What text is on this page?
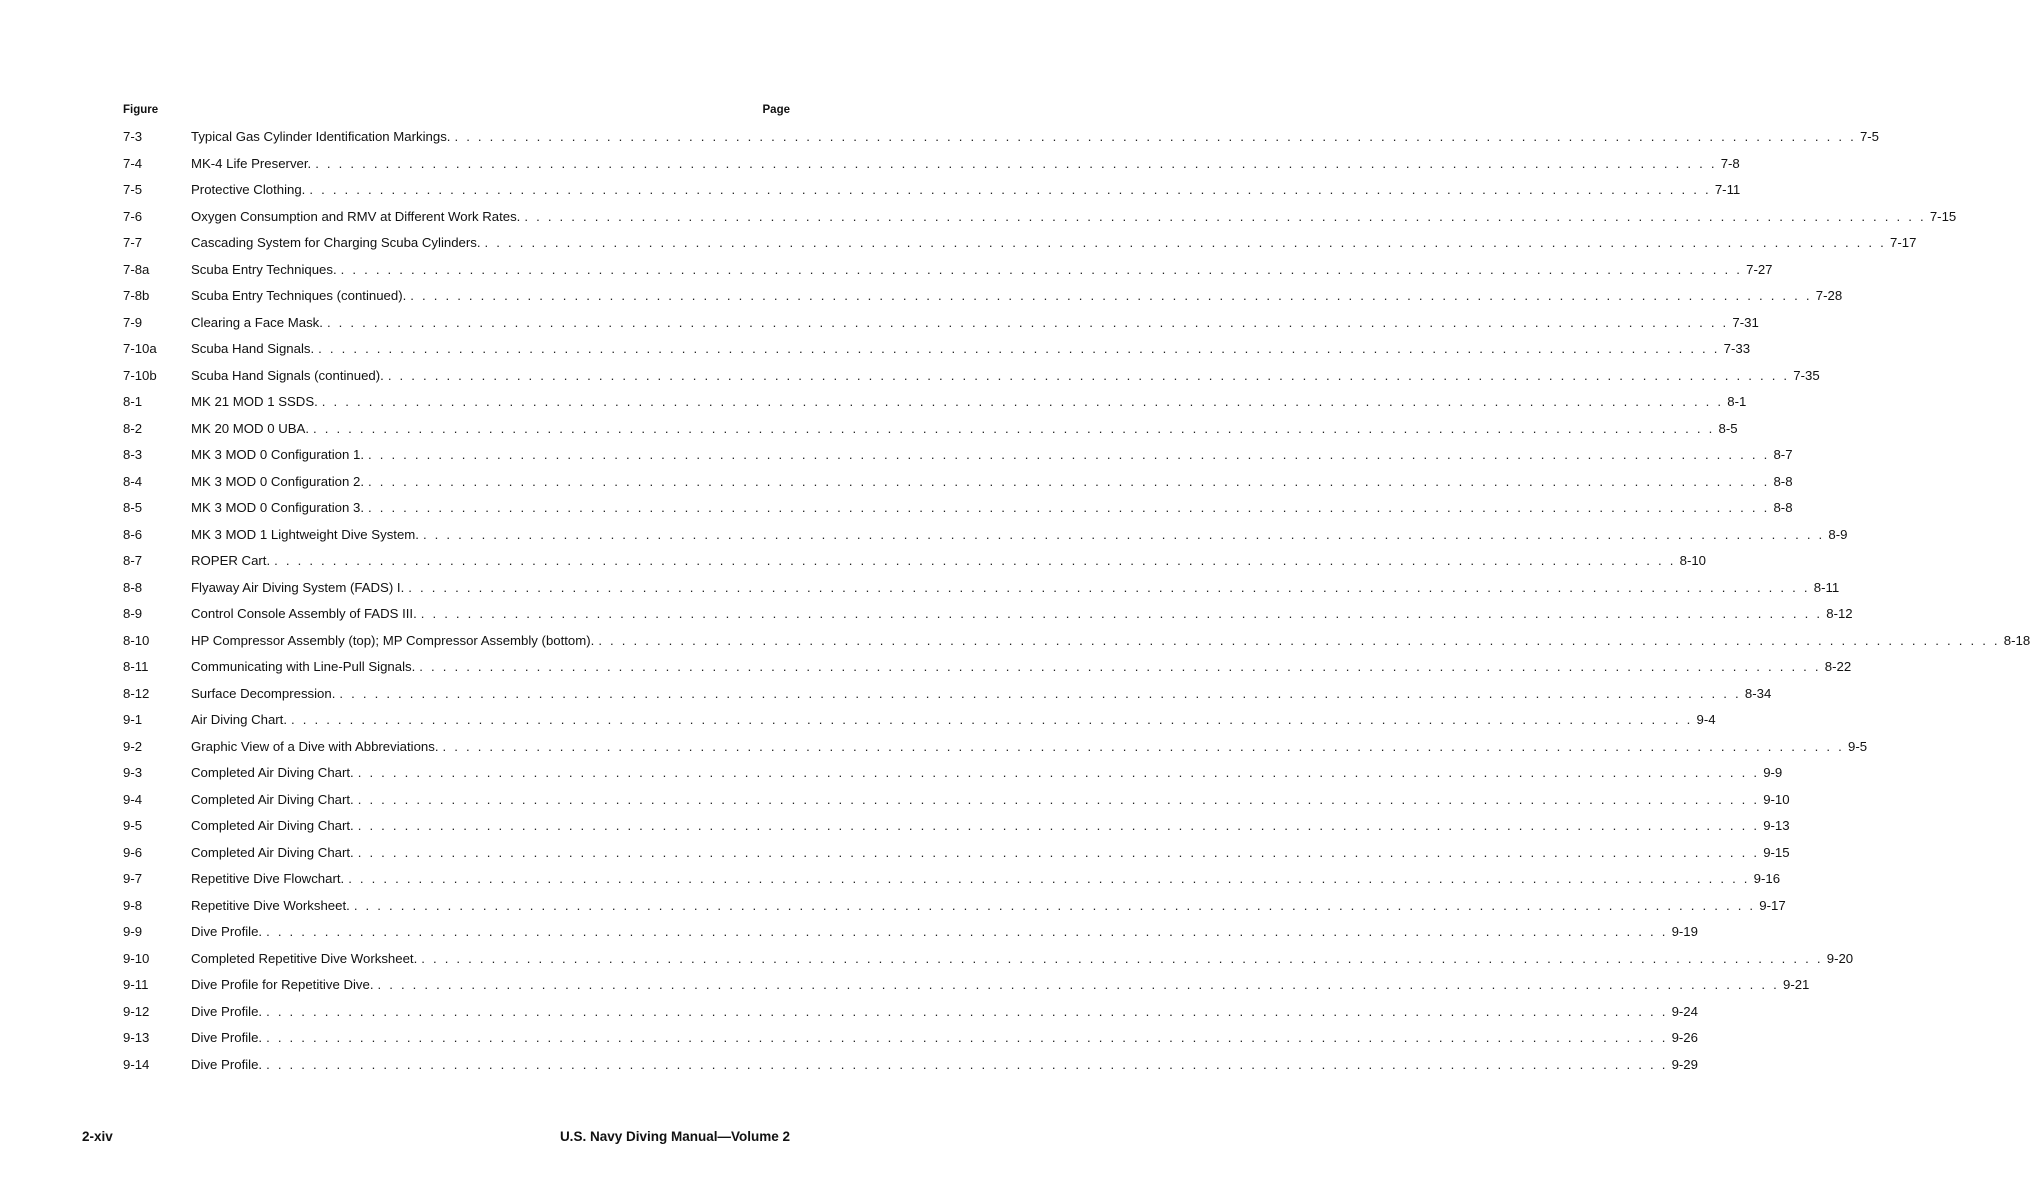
Figure	Page
7-3	Typical Gas Cylinder Identification Markings. . . . . . . . . . . . . . . . . . . . . . . . . . . . . . . . . . . . . . . . . . . . . . . . . . . . . . . . . . . . . . . . . . . . . . . . . . . . . . . . . . . . . . . . . . . . . . . . . . . . . . . . . . . . . . . . . . . . . . . . . 7-5
7-4	MK-4 Life Preserver. . . . . . . . . . . . . . . . . . . . . . . . . . . . . . . . . . . . . . . . . . . . . . . . . . . . . . . . . . . . . . . . . . . . . . . . . . . . . . . . . . . . . . . . . . . . . . . . . . . . . . . . . . . . . . . . . . . . . . . . . 7-8
7-5	Protective Clothing. . . . . . . . . . . . . . . . . . . . . . . . . . . . . . . . . . . . . . . . . . . . . . . . . . . . . . . . . . . . . . . . . . . . . . . . . . . . . . . . . . . . . . . . . . . . . . . . . . . . . . . . . . . . . . . . . . . . . . . . . 7-11
7-6	Oxygen Consumption and RMV at Different Work Rates. . . . . . . . . . . . . . . . . . . . . . . . . . . . . . . . . . . . . . . . . . . . . . . . . . . . . . . . . . . . . . . . . . . . . . . . . . . . . . . . . . . . . . . . . . . . . . . . . . . . . . . . . . . . . . . . . . . . . . . . . 7-15
7-7	Cascading System for Charging Scuba Cylinders. . . . . . . . . . . . . . . . . . . . . . . . . . . . . . . . . . . . . . . . . . . . . . . . . . . . . . . . . . . . . . . . . . . . . . . . . . . . . . . . . . . . . . . . . . . . . . . . . . . . . . . . . . . . . . . . . . . . . . . . . 7-17
7-8a	Scuba Entry Techniques. . . . . . . . . . . . . . . . . . . . . . . . . . . . . . . . . . . . . . . . . . . . . . . . . . . . . . . . . . . . . . . . . . . . . . . . . . . . . . . . . . . . . . . . . . . . . . . . . . . . . . . . . . . . . . . . . . . . . . . . . 7-27
7-8b	Scuba Entry Techniques (continued). . . . . . . . . . . . . . . . . . . . . . . . . . . . . . . . . . . . . . . . . . . . . . . . . . . . . . . . . . . . . . . . . . . . . . . . . . . . . . . . . . . . . . . . . . . . . . . . . . . . . . . . . . . . . . . . . . . . . . . . . 7-28
7-9	Clearing a Face Mask. . . . . . . . . . . . . . . . . . . . . . . . . . . . . . . . . . . . . . . . . . . . . . . . . . . . . . . . . . . . . . . . . . . . . . . . . . . . . . . . . . . . . . . . . . . . . . . . . . . . . . . . . . . . . . . . . . . . . . . . . 7-31
7-10a	Scuba Hand Signals. . . . . . . . . . . . . . . . . . . . . . . . . . . . . . . . . . . . . . . . . . . . . . . . . . . . . . . . . . . . . . . . . . . . . . . . . . . . . . . . . . . . . . . . . . . . . . . . . . . . . . . . . . . . . . . . . . . . . . . . . 7-33
7-10b	Scuba Hand Signals (continued). . . . . . . . . . . . . . . . . . . . . . . . . . . . . . . . . . . . . . . . . . . . . . . . . . . . . . . . . . . . . . . . . . . . . . . . . . . . . . . . . . . . . . . . . . . . . . . . . . . . . . . . . . . . . . . . . . . . . . . . . 7-35
8-1	MK 21 MOD 1 SSDS. . . . . . . . . . . . . . . . . . . . . . . . . . . . . . . . . . . . . . . . . . . . . . . . . . . . . . . . . . . . . . . . . . . . . . . . . . . . . . . . . . . . . . . . . . . . . . . . . . . . . . . . . . . . . . . . . . . . . . . . . 8-1
8-2	MK 20 MOD 0 UBA. . . . . . . . . . . . . . . . . . . . . . . . . . . . . . . . . . . . . . . . . . . . . . . . . . . . . . . . . . . . . . . . . . . . . . . . . . . . . . . . . . . . . . . . . . . . . . . . . . . . . . . . . . . . . . . . . . . . . . . . . 8-5
8-3	MK 3 MOD 0 Configuration 1. . . . . . . . . . . . . . . . . . . . . . . . . . . . . . . . . . . . . . . . . . . . . . . . . . . . . . . . . . . . . . . . . . . . . . . . . . . . . . . . . . . . . . . . . . . . . . . . . . . . . . . . . . . . . . . . . . . . . . . . . 8-7
8-4	MK 3 MOD 0 Configuration 2. . . . . . . . . . . . . . . . . . . . . . . . . . . . . . . . . . . . . . . . . . . . . . . . . . . . . . . . . . . . . . . . . . . . . . . . . . . . . . . . . . . . . . . . . . . . . . . . . . . . . . . . . . . . . . . . . . . . . . . . . 8-8
8-5	MK 3 MOD 0 Configuration 3. . . . . . . . . . . . . . . . . . . . . . . . . . . . . . . . . . . . . . . . . . . . . . . . . . . . . . . . . . . . . . . . . . . . . . . . . . . . . . . . . . . . . . . . . . . . . . . . . . . . . . . . . . . . . . . . . . . . . . . . . 8-8
8-6	MK 3 MOD 1 Lightweight Dive System. . . . . . . . . . . . . . . . . . . . . . . . . . . . . . . . . . . . . . . . . . . . . . . . . . . . . . . . . . . . . . . . . . . . . . . . . . . . . . . . . . . . . . . . . . . . . . . . . . . . . . . . . . . . . . . . . . . . . . . . . 8-9
8-7	ROPER Cart. . . . . . . . . . . . . . . . . . . . . . . . . . . . . . . . . . . . . . . . . . . . . . . . . . . . . . . . . . . . . . . . . . . . . . . . . . . . . . . . . . . . . . . . . . . . . . . . . . . . . . . . . . . . . . . . . . . . . . . . . 8-10
8-8	Flyaway Air Diving System (FADS) I. . . . . . . . . . . . . . . . . . . . . . . . . . . . . . . . . . . . . . . . . . . . . . . . . . . . . . . . . . . . . . . . . . . . . . . . . . . . . . . . . . . . . . . . . . . . . . . . . . . . . . . . . . . . . . . . . . . . . . . . . 8-11
8-9	Control Console Assembly of FADS III. . . . . . . . . . . . . . . . . . . . . . . . . . . . . . . . . . . . . . . . . . . . . . . . . . . . . . . . . . . . . . . . . . . . . . . . . . . . . . . . . . . . . . . . . . . . . . . . . . . . . . . . . . . . . . . . . . . . . . . . . 8-12
8-10	HP Compressor Assembly (top); MP Compressor Assembly (bottom). . . . . . . . . . . . . . . . . . . . . . . . . . . . . . . . . . . . . . . . . . . . . . . . . . . . . . . . . . . . . . . . . . . . . . . . . . . . . . . . . . . . . . . . . . . . . . . . . . . . . . . . . . . . . . . . . . . . . . . . . 8-18
8-11	Communicating with Line-Pull Signals. . . . . . . . . . . . . . . . . . . . . . . . . . . . . . . . . . . . . . . . . . . . . . . . . . . . . . . . . . . . . . . . . . . . . . . . . . . . . . . . . . . . . . . . . . . . . . . . . . . . . . . . . . . . . . . . . . . . . . . . . 8-22
8-12	Surface Decompression. . . . . . . . . . . . . . . . . . . . . . . . . . . . . . . . . . . . . . . . . . . . . . . . . . . . . . . . . . . . . . . . . . . . . . . . . . . . . . . . . . . . . . . . . . . . . . . . . . . . . . . . . . . . . . . . . . . . . . . . . 8-34
9-1	Air Diving Chart. . . . . . . . . . . . . . . . . . . . . . . . . . . . . . . . . . . . . . . . . . . . . . . . . . . . . . . . . . . . . . . . . . . . . . . . . . . . . . . . . . . . . . . . . . . . . . . . . . . . . . . . . . . . . . . . . . . . . . . . . 9-4
9-2	Graphic View of a Dive with Abbreviations. . . . . . . . . . . . . . . . . . . . . . . . . . . . . . . . . . . . . . . . . . . . . . . . . . . . . . . . . . . . . . . . . . . . . . . . . . . . . . . . . . . . . . . . . . . . . . . . . . . . . . . . . . . . . . . . . . . . . . . . . 9-5
9-3	Completed Air Diving Chart. . . . . . . . . . . . . . . . . . . . . . . . . . . . . . . . . . . . . . . . . . . . . . . . . . . . . . . . . . . . . . . . . . . . . . . . . . . . . . . . . . . . . . . . . . . . . . . . . . . . . . . . . . . . . . . . . . . . . . . . . 9-9
9-4	Completed Air Diving Chart. . . . . . . . . . . . . . . . . . . . . . . . . . . . . . . . . . . . . . . . . . . . . . . . . . . . . . . . . . . . . . . . . . . . . . . . . . . . . . . . . . . . . . . . . . . . . . . . . . . . . . . . . . . . . . . . . . . . . . . . . 9-10
9-5	Completed Air Diving Chart. . . . . . . . . . . . . . . . . . . . . . . . . . . . . . . . . . . . . . . . . . . . . . . . . . . . . . . . . . . . . . . . . . . . . . . . . . . . . . . . . . . . . . . . . . . . . . . . . . . . . . . . . . . . . . . . . . . . . . . . . 9-13
9-6	Completed Air Diving Chart. . . . . . . . . . . . . . . . . . . . . . . . . . . . . . . . . . . . . . . . . . . . . . . . . . . . . . . . . . . . . . . . . . . . . . . . . . . . . . . . . . . . . . . . . . . . . . . . . . . . . . . . . . . . . . . . . . . . . . . . . 9-15
9-7	Repetitive Dive Flowchart. . . . . . . . . . . . . . . . . . . . . . . . . . . . . . . . . . . . . . . . . . . . . . . . . . . . . . . . . . . . . . . . . . . . . . . . . . . . . . . . . . . . . . . . . . . . . . . . . . . . . . . . . . . . . . . . . . . . . . . . . 9-16
9-8	Repetitive Dive Worksheet. . . . . . . . . . . . . . . . . . . . . . . . . . . . . . . . . . . . . . . . . . . . . . . . . . . . . . . . . . . . . . . . . . . . . . . . . . . . . . . . . . . . . . . . . . . . . . . . . . . . . . . . . . . . . . . . . . . . . . . . . 9-17
9-9	Dive Profile. . . . . . . . . . . . . . . . . . . . . . . . . . . . . . . . . . . . . . . . . . . . . . . . . . . . . . . . . . . . . . . . . . . . . . . . . . . . . . . . . . . . . . . . . . . . . . . . . . . . . . . . . . . . . . . . . . . . . . . . . 9-19
9-10	Completed Repetitive Dive Worksheet. . . . . . . . . . . . . . . . . . . . . . . . . . . . . . . . . . . . . . . . . . . . . . . . . . . . . . . . . . . . . . . . . . . . . . . . . . . . . . . . . . . . . . . . . . . . . . . . . . . . . . . . . . . . . . . . . . . . . . . . . 9-20
9-11	Dive Profile for Repetitive Dive. . . . . . . . . . . . . . . . . . . . . . . . . . . . . . . . . . . . . . . . . . . . . . . . . . . . . . . . . . . . . . . . . . . . . . . . . . . . . . . . . . . . . . . . . . . . . . . . . . . . . . . . . . . . . . . . . . . . . . . . . 9-21
9-12	Dive Profile. . . . . . . . . . . . . . . . . . . . . . . . . . . . . . . . . . . . . . . . . . . . . . . . . . . . . . . . . . . . . . . . . . . . . . . . . . . . . . . . . . . . . . . . . . . . . . . . . . . . . . . . . . . . . . . . . . . . . . . . . 9-24
9-13	Dive Profile. . . . . . . . . . . . . . . . . . . . . . . . . . . . . . . . . . . . . . . . . . . . . . . . . . . . . . . . . . . . . . . . . . . . . . . . . . . . . . . . . . . . . . . . . . . . . . . . . . . . . . . . . . . . . . . . . . . . . . . . . 9-26
9-14	Dive Profile. . . . . . . . . . . . . . . . . . . . . . . . . . . . . . . . . . . . . . . . . . . . . . . . . . . . . . . . . . . . . . . . . . . . . . . . . . . . . . . . . . . . . . . . . . . . . . . . . . . . . . . . . . . . . . . . . . . . . . . . . 9-29
2-xiv	U.S. Navy Diving Manual—Volume 2
